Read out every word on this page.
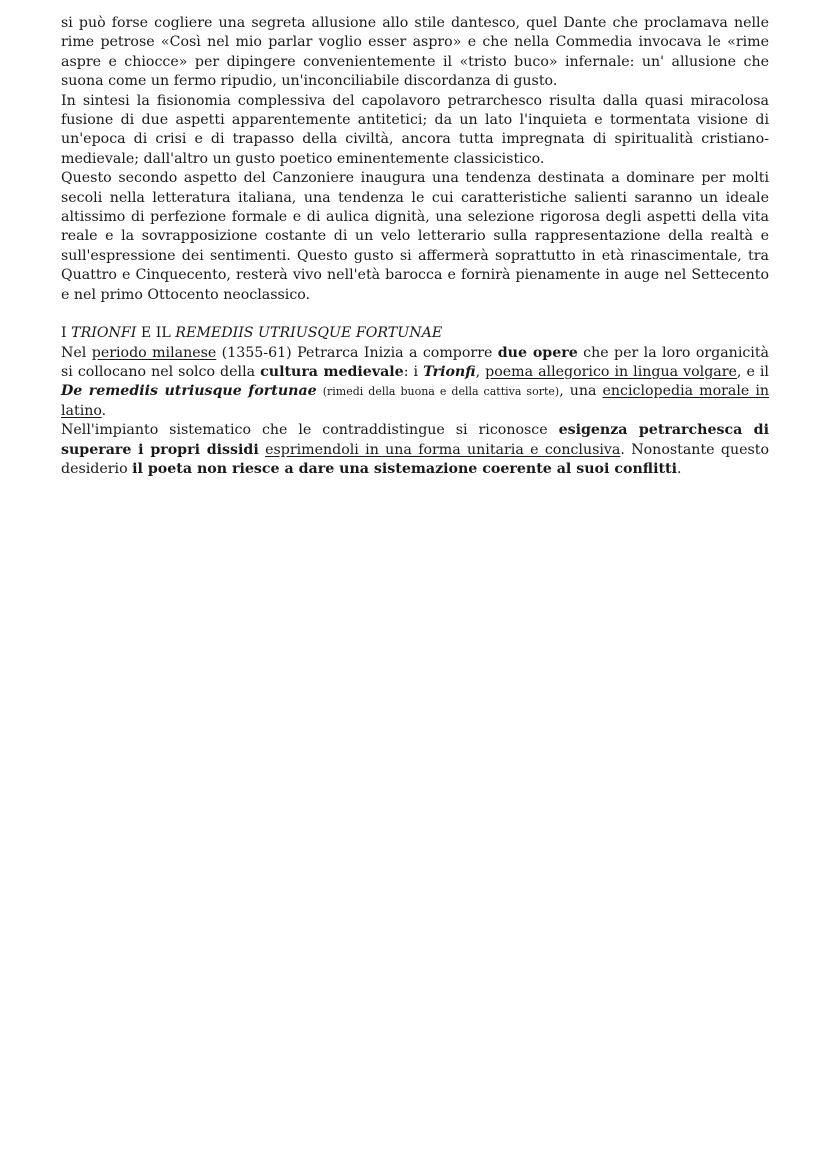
si può forse cogliere una segreta allusione allo stile dantesco, quel Dante che proclamava nelle rime petrose «Così nel mio parlar voglio esser aspro» e che nella Commedia invocava le «rime aspre e chiocce» per dipingere convenientemente il «tristo buco» infernale: un' allusione che suona come un fermo ripudio, un'inconciliabile discordanza di gusto.

In sintesi la fisionomia complessiva del capolavoro petrarchesco risulta dalla quasi miracolosa fusione di due aspetti apparentemente antitetici; da un lato l'inquieta e tormentata visione di un'epoca di crisi e di trapasso della civiltà, ancora tutta impregnata di spiritualità cristiano-medievale; dall'altro un gusto poetico eminentemente classicistico.

Questo secondo aspetto del Canzoniere inaugura una tendenza destinata a dominare per molti secoli nella letteratura italiana, una tendenza le cui caratteristiche salienti saranno un ideale altissimo di perfezione formale e di aulica dignità, una selezione rigorosa degli aspetti della vita reale e la sovrapposizione costante di un velo letterario sulla rappresentazione della realtà e sull'espressione dei sentimenti. Questo gusto si affermerà soprattutto in età rinascimentale, tra Quattro e Cinquecento, resterà vivo nell'età barocca e fornirà pienamente in auge nel Settecento e nel primo Ottocento neoclassico.

I TRIONFI E IL REMEDIIS UTRIUSQUE FORTUNAE

Nel periodo milanese (1355-61) Petrarca Inizia a comporre due opere che per la loro organicità si collocano nel solco della cultura medievale: i Trionfi, poema allegorico in lingua volgare, e il De remediis utriusque fortunae (rimedi della buona e della cattiva sorte), una enciclopedia morale in latino.

Nell'impianto sistematico che le contraddistingue si riconosce esigenza petrarchesca di superare i propri dissidi esprimendoli in una forma unitaria e conclusiva. Nonostante questo desiderio il poeta non riesce a dare una sistemazione coerente al suoi conflitti.
